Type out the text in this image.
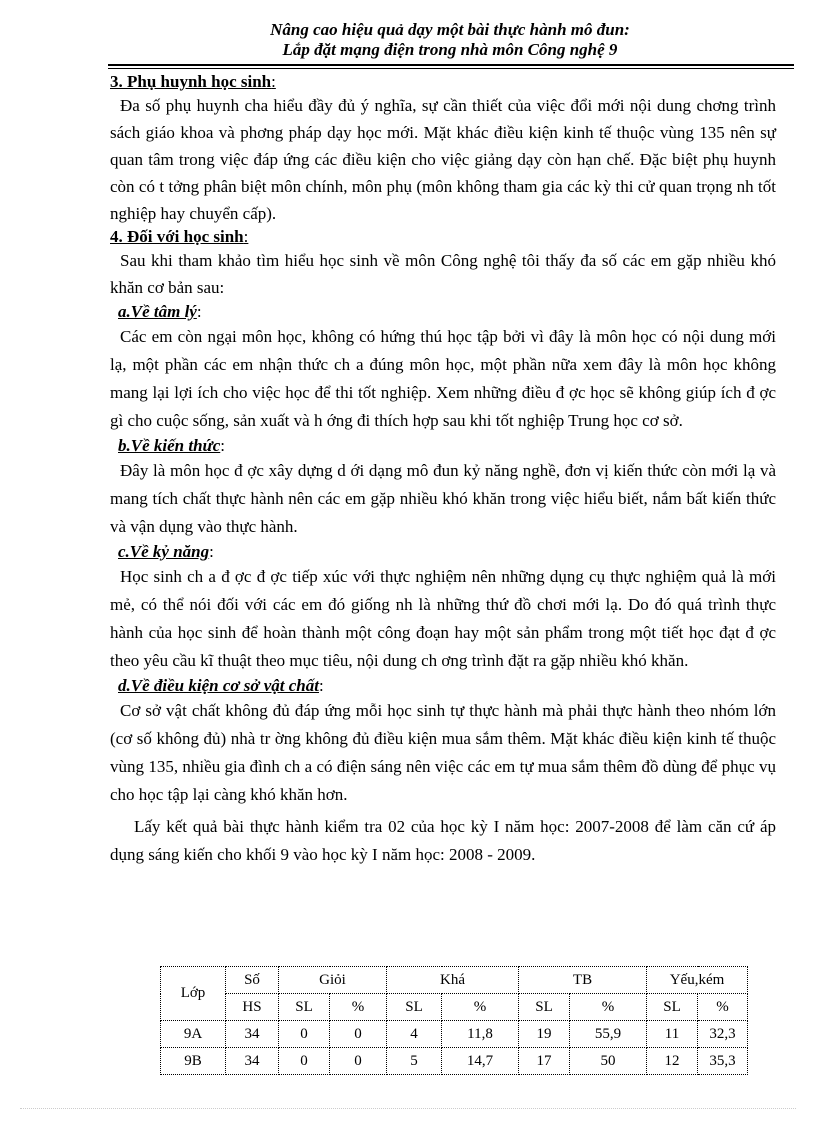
Nâng cao hiệu quả dạy một bài thực hành mô đun:
Lắp đặt mạng điện trong nhà môn Công nghệ 9

3. Phụ huynh học sinh:

Đa số phụ huynh cha hiểu đầy đủ ý nghĩa, sự cần thiết của việc đổi mới nội dung chơng trình sách giáo khoa và phơng pháp dạy học mới. Mặt khác điều kiện kinh tế thuộc vùng 135 nên sự quan tâm trong việc đáp ứng các điều kiện cho việc giảng dạy còn hạn chế. Đặc biệt phụ huynh còn có t tởng phân biệt môn chính, môn phụ (môn không tham gia các kỳ thi cử quan trọng nh tốt nghiệp hay chuyển cấp).

4. Đối với học sinh:

Sau khi tham khảo tìm hiểu học sinh về môn Công nghệ tôi thấy đa số các em gặp nhiều khó khăn cơ bản sau:

a.Về tâm lý:

Các em còn ngại môn học, không có hứng thú học tập bởi vì đây là môn học có nội dung mới lạ, một phần các em nhận thức ch a đúng môn học, một phần nữa xem đây là môn học không mang lại lợi ích cho việc học để thi tốt nghiệp. Xem những điều đ ợc học sẽ không giúp ích đ ợc gì cho cuộc sống, sản xuất và h ớng đi thích hợp sau khi tốt nghiệp Trung học cơ sở.

b.Về kiến thức:

Đây là môn học đ ợc xây dựng d ới dạng mô đun kỷ năng nghề, đơn vị kiến thức còn mới lạ và mang tích chất thực hành nên các em gặp nhiều khó khăn trong việc hiểu biết, nắm bất kiến thức và vận dụng vào thực hành.

c.Về kỷ năng:

Học sinh ch a đ ợc đ ợc tiếp xúc với thực nghiệm nên những dụng cụ thực nghiệm quả là mới mẻ, có thể nói đối với các em đó giống nh là những thứ đồ chơi mới lạ. Do đó quá trình thực hành của học sinh để hoàn thành một công đoạn hay một sản phẩm trong một tiết học đạt đ ợc theo yêu cầu kĩ thuật theo mục tiêu, nội dung ch ơng trình đặt ra gặp nhiều khó khăn.

d.Về điều kiện cơ sở vật chất:

Cơ sở vật chất không đủ đáp ứng mỗi học sinh tự thực hành mà phải thực hành theo nhóm lớn (cơ số không đủ) nhà tr ờng không đủ điều kiện mua sắm thêm. Mặt khác điều kiện kinh tế thuộc vùng 135, nhiều gia đình ch a có điện sáng nên việc các em tự mua sắm thêm đồ dùng để phục vụ cho học tập lại càng khó khăn hơn.

Lấy kết quả bài thực hành kiểm tra 02 của học kỳ I năm học: 2007-2008 để làm căn cứ áp dụng sáng kiến cho khối 9 vào học kỳ I năm học: 2008 - 2009.

Lớp	Số	Giỏi		Khá		TB		Yếu,kém	
	HS	SL	%	SL	%	SL	%	SL	%
9A	34	0	0	4	11,8	19	55,9	11	32,3
9B	34	0	0	5	14,7	17	50	12	35,3
